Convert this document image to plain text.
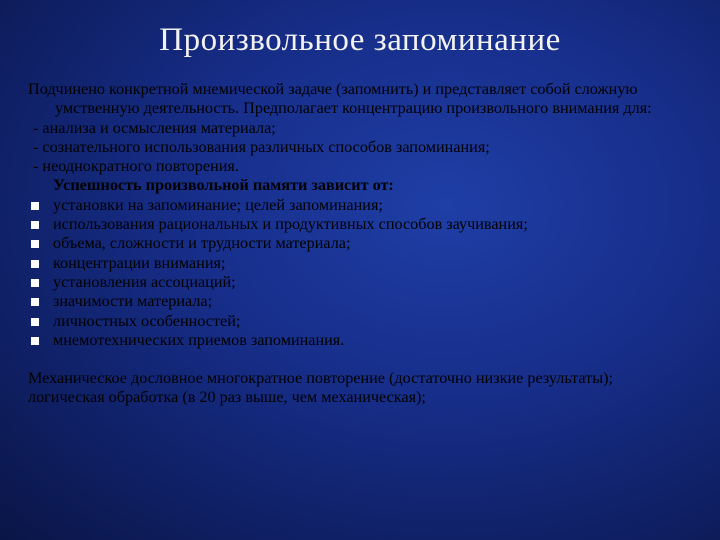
Произвольное запоминание
Подчинено конкретной мнемической задаче (запомнить) и представляет собой сложную умственную деятельность. Предполагает концентрацию произвольного внимания для:
- анализа и осмысления материала;
- сознательного использования различных способов запоминания;
- неоднократного повторения.
Успешность произвольной памяти зависит от:
установки на запоминание; целей запоминания;
использования рациональных и продуктивных способов заучивания;
объема, сложности и трудности материала;
концентрации внимания;
установления ассоциаций;
значимости материала;
личностных особенностей;
мнемотехнических приемов запоминания.
Механическое дословное многократное повторение (достаточно низкие результаты);
логическая обработка (в 20 раз выше, чем механическая);
